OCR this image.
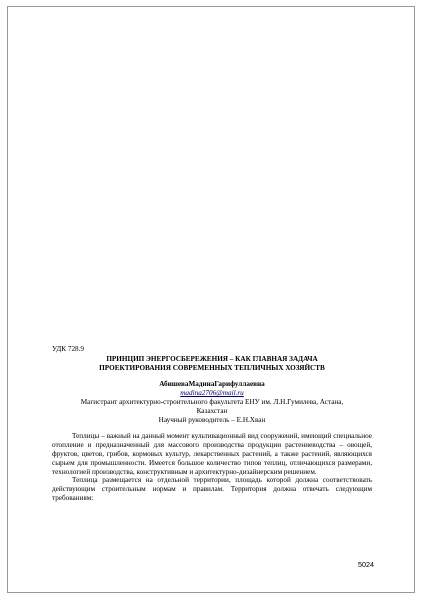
УДК 728.9
ПРИНЦИП ЭНЕРГОСБЕРЕЖЕНИЯ – КАК ГЛАВНАЯ ЗАДАЧА
ПРОЕКТИРОВАНИЯ СОВРЕМЕННЫХ ТЕПЛИЧНЫХ ХОЗЯЙСТВ
АбишеваМадинаГарифуллаевна
madina2706@mail.ru
Магистрант архитектурно-строительного факультета ЕНУ им. Л.Н.Гумилева, Астана,
Казахстан
Научный руководитель – Е.Н.Хван

Теплицы – важный на данный момент культивационный вид сооружений, имеющий специальное отопление и предназначенный для массового производства продукции растениеводства – овощей, фруктов, цветов, грибов, кормовых культур, лекарственных растений, а также растений, являющихся сырьем для промышленности. Имеется большое количество типов теплиц, отличающихся размерами, технологией производства, конструктивным и архитектурно-дизайнерским решением.

Теплица размещается на отдельной территории, площадь которой должна соответствовать действующим строительным нормам и правилам. Территория должна отвечать следующим требованиям:

5024
